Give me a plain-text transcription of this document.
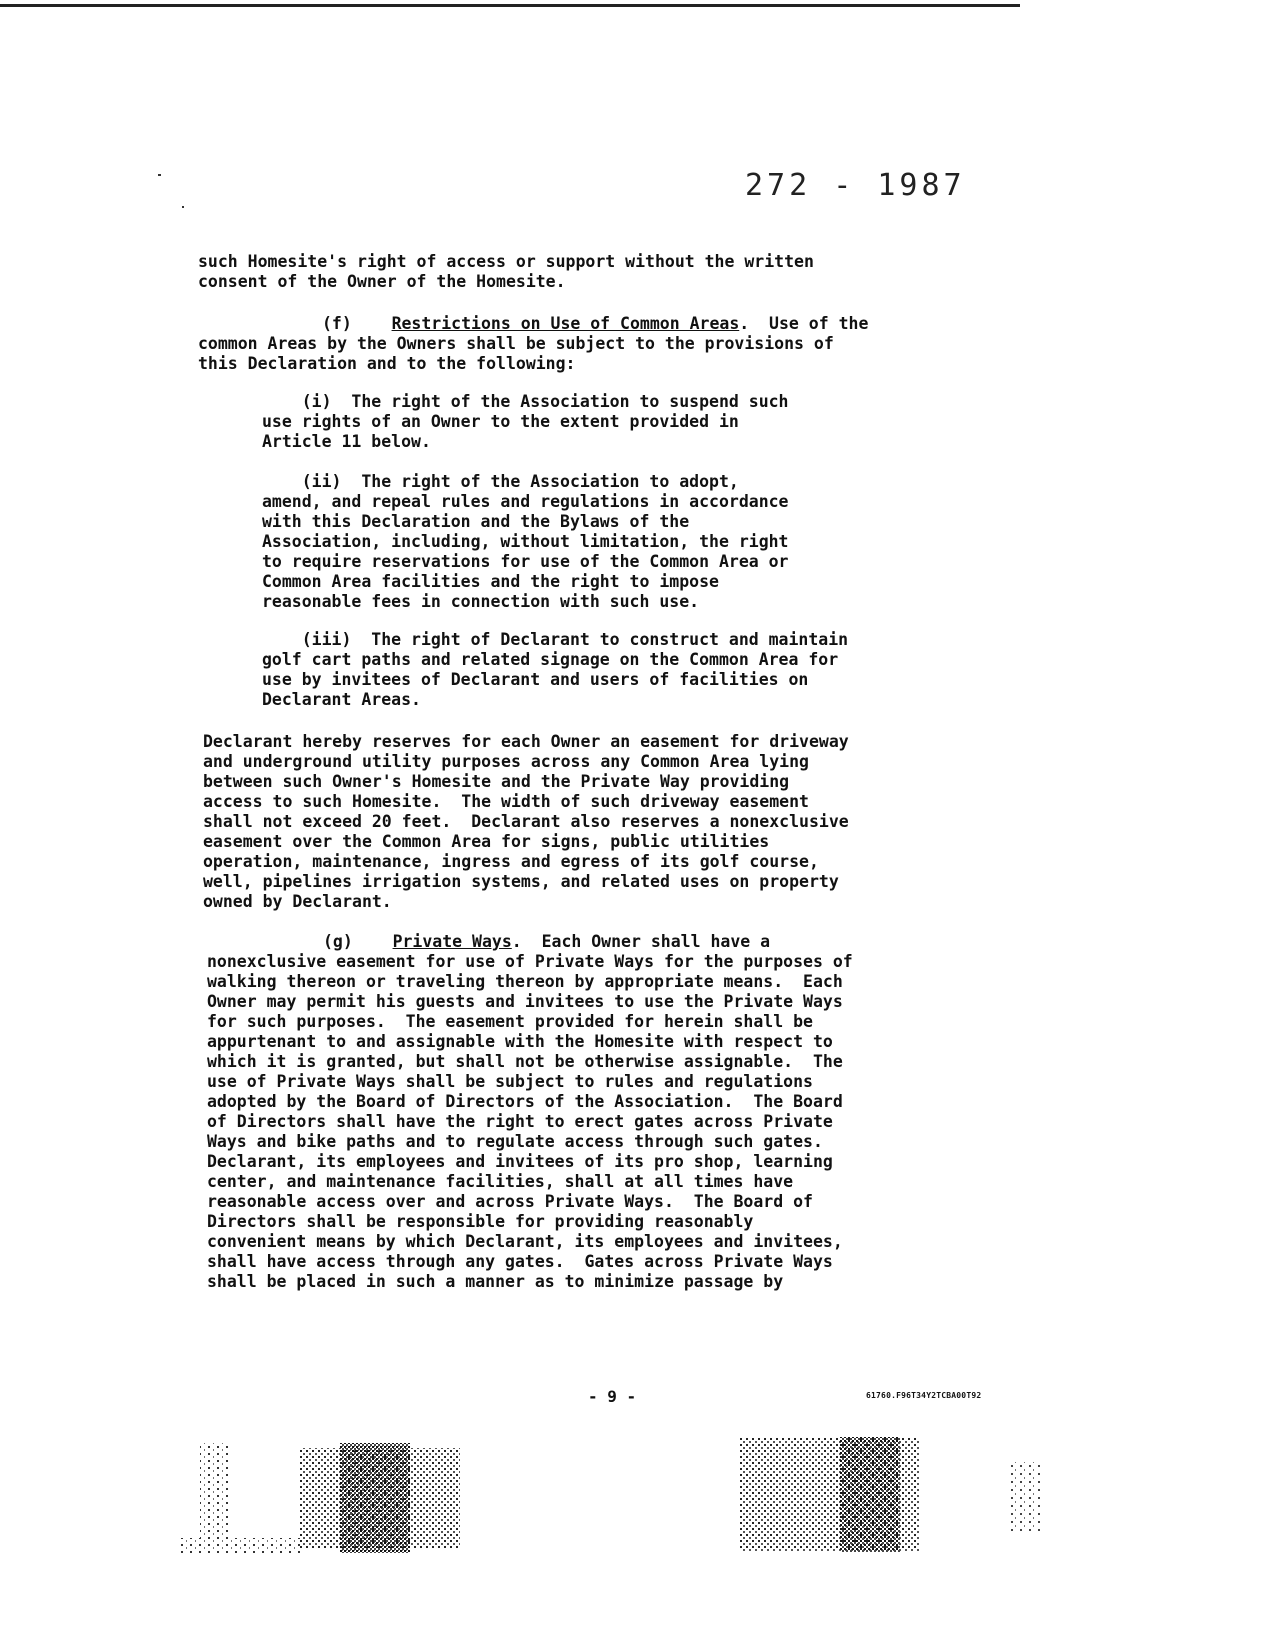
272 - 1987
such Homesite's right of access or support without the written
consent of the Owner of the Homesite.
(f) Restrictions on Use of Common Areas.  Use of the
common Areas by the Owners shall be subject to the provisions of
this Declaration and to the following:
(i)  The right of the Association to suspend such
use rights of an Owner to the extent provided in
Article 11 below.
(ii)  The right of the Association to adopt,
amend, and repeal rules and regulations in accordance
with this Declaration and the Bylaws of the
Association, including, without limitation, the right
to require reservations for use of the Common Area or
Common Area facilities and the right to impose
reasonable fees in connection with such use.
(iii)  The right of Declarant to construct and maintain
golf cart paths and related signage on the Common Area for
use by invitees of Declarant and users of facilities on
Declarant Areas.
Declarant hereby reserves for each Owner an easement for driveway
and underground utility purposes across any Common Area lying
between such Owner's Homesite and the Private Way providing
access to such Homesite.  The width of such driveway easement
shall not exceed 20 feet.  Declarant also reserves a nonexclusive
easement over the Common Area for signs, public utilities
operation, maintenance, ingress and egress of its golf course,
well, pipelines irrigation systems, and related uses on property
owned by Declarant.
(g) Private Ways.  Each Owner shall have a
nonexclusive easement for use of Private Ways for the purposes of
walking thereon or traveling thereon by appropriate means.  Each
Owner may permit his guests and invitees to use the Private Ways
for such purposes.  The easement provided for herein shall be
appurtenant to and assignable with the Homesite with respect to
which it is granted, but shall not be otherwise assignable.  The
use of Private Ways shall be subject to rules and regulations
adopted by the Board of Directors of the Association.  The Board
of Directors shall have the right to erect gates across Private
Ways and bike paths and to regulate access through such gates.
Declarant, its employees and invitees of its pro shop, learning
center, and maintenance facilities, shall at all times have
reasonable access over and across Private Ways.  The Board of
Directors shall be responsible for providing reasonably
convenient means by which Declarant, its employees and invitees,
shall have access through any gates.  Gates across Private Ways
shall be placed in such a manner as to minimize passage by
- 9 -	61760.F96T34Y2TCBA00T92
